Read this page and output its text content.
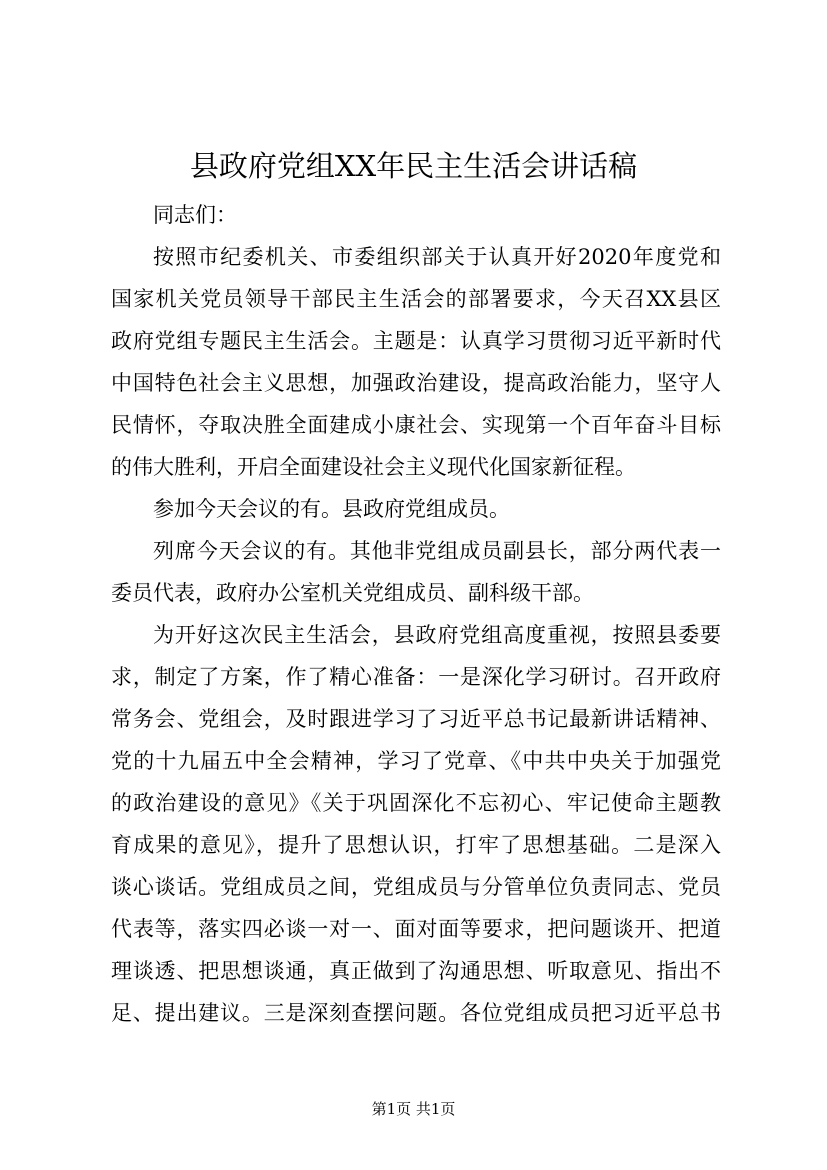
县政府党组XX年民主生活会讲话稿
同志们：
按照市纪委机关、市委组织部关于认真开好2020年度党和
国家机关党员领导干部民主生活会的部署要求，今天召XX县区
政府党组专题民主生活会。主题是：认真学习贯彻习近平新时代
中国特色社会主义思想，加强政治建设，提高政治能力，坚守人
民情怀，夺取决胜全面建成小康社会、实现第一个百年奋斗目标
的伟大胜利，开启全面建设社会主义现代化国家新征程。
参加今天会议的有。县政府党组成员。
列席今天会议的有。其他非党组成员副县长，部分两代表一
委员代表，政府办公室机关党组成员、副科级干部。
为开好这次民主生活会，县政府党组高度重视，按照县委要
求，制定了方案，作了精心准备：一是深化学习研讨。召开政府
常务会、党组会，及时跟进学习了习近平总书记最新讲话精神、
党的十九届五中全会精神，学习了党章、《中共中央关于加强党
的政治建设的意见》《关于巩固深化不忘初心、牢记使命主题教
育成果的意见》，提升了思想认识，打牢了思想基础。二是深入
谈心谈话。党组成员之间，党组成员与分管单位负责同志、党员
代表等，落实四必谈一对一、面对面等要求，把问题谈开、把道
理谈透、把思想谈通，真正做到了沟通思想、听取意见、指出不
足、提出建议。三是深刻查摆问题。各位党组成员把习近平总书
第1页 共1页
